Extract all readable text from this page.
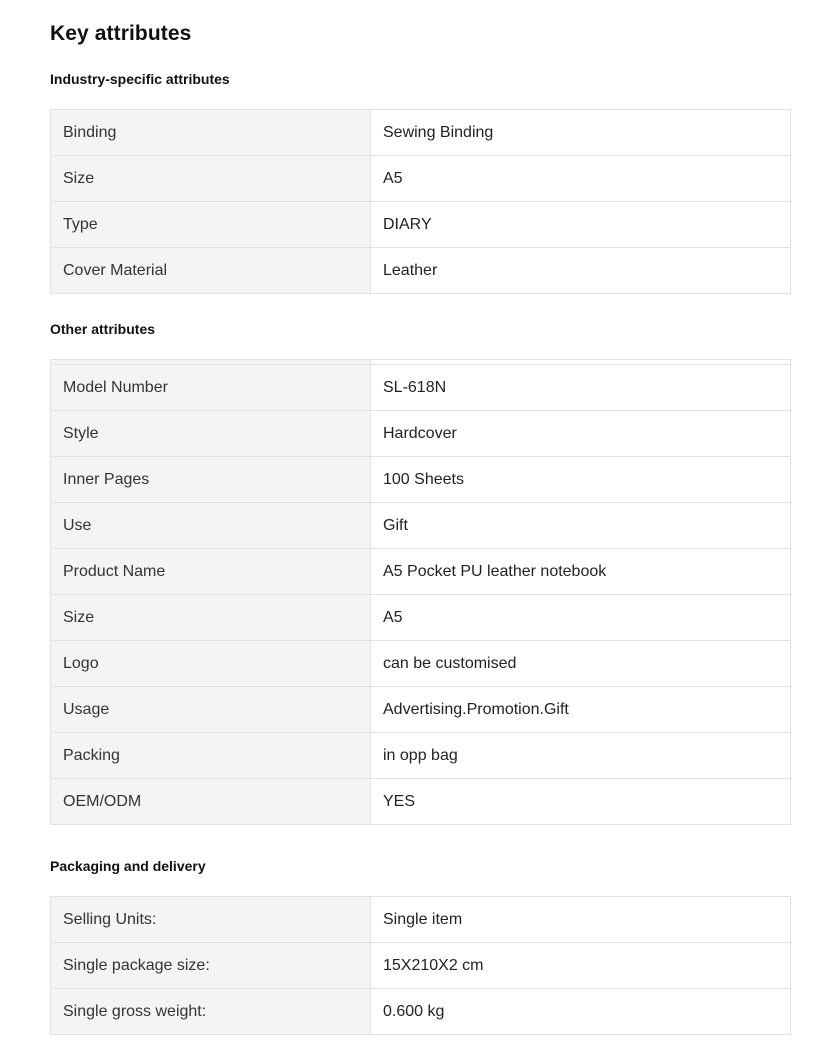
Key attributes
Industry-specific attributes
Binding	Sewing Binding
Size	A5
Type	DIARY
Cover Material	Leather
Other attributes

Model Number	SL-618N
Style	Hardcover
Inner Pages	100 Sheets
Use	Gift
Product Name	A5 Pocket PU leather notebook
Size	A5
Logo	can be customised
Usage	Advertising.Promotion.Gift
Packing	in opp bag
OEM/ODM	YES
Packaging and delivery
Selling Units:	Single item
Single package size:	15X210X2 cm
Single gross weight:	0.600 kg
